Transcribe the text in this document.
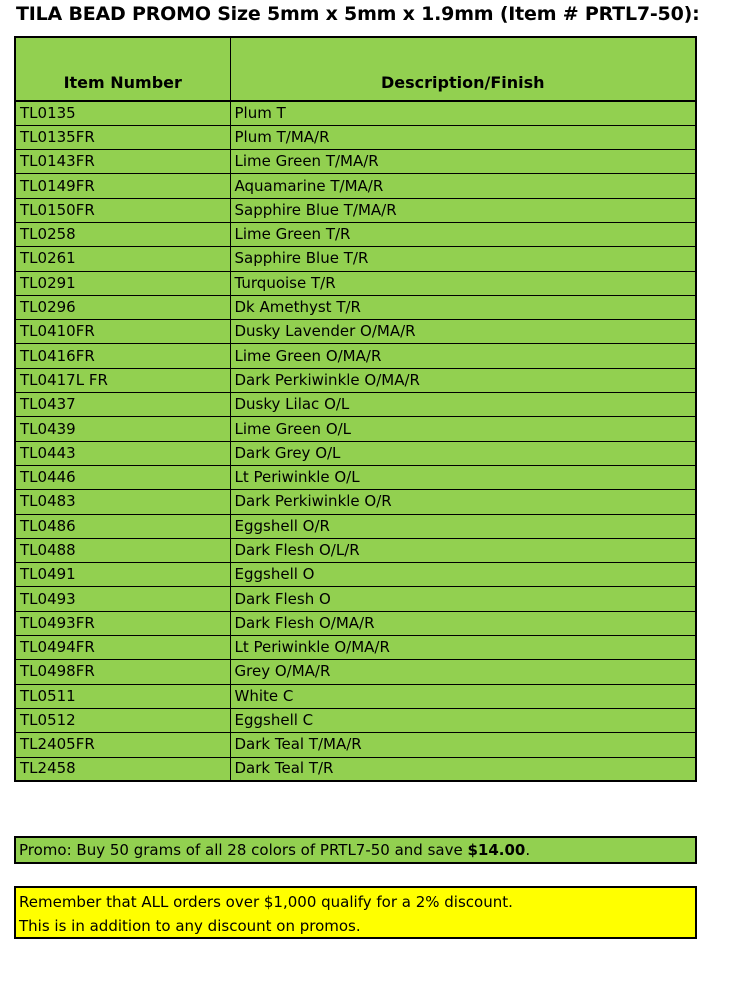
TILA BEAD PROMO Size 5mm x 5mm x 1.9mm (Item # PRTL7-50):
Item Number	Description/Finish
TL0135	Plum T
TL0135FR	Plum T/MA/R
TL0143FR	Lime Green T/MA/R
TL0149FR	Aquamarine T/MA/R
TL0150FR	Sapphire Blue T/MA/R
TL0258	Lime Green T/R
TL0261	Sapphire Blue T/R
TL0291	Turquoise T/R
TL0296	Dk Amethyst T/R
TL0410FR	Dusky Lavender O/MA/R
TL0416FR	Lime Green O/MA/R
TL0417L FR	Dark Perkiwinkle O/MA/R
TL0437	Dusky Lilac O/L
TL0439	Lime Green O/L
TL0443	Dark Grey O/L
TL0446	Lt Periwinkle O/L
TL0483	Dark Perkiwinkle O/R
TL0486	Eggshell O/R
TL0488	Dark Flesh O/L/R
TL0491	Eggshell O
TL0493	Dark Flesh O
TL0493FR	Dark Flesh O/MA/R
TL0494FR	Lt Periwinkle O/MA/R
TL0498FR	Grey O/MA/R
TL0511	White C
TL0512	Eggshell C
TL2405FR	Dark Teal T/MA/R
TL2458	Dark Teal T/R
Promo: Buy 50 grams of all 28 colors of PRTL7-50 and save $14.00 .
Remember that ALL orders over $1,000 qualify for a 2% discount.
This is in addition to any discount on promos.
